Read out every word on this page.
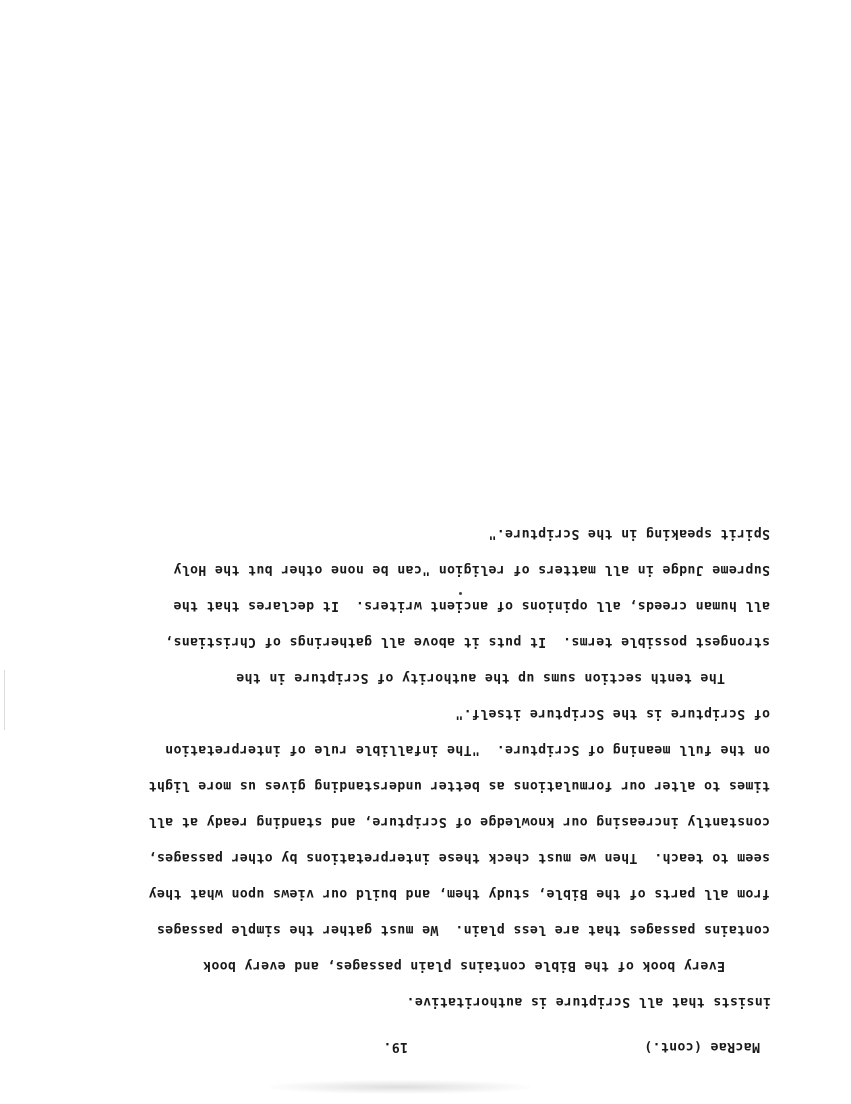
MacRae (cont.)
19.
insists that all Scripture is authoritative.
Every book of the Bible contains plain passages, and every book
contains passages that are less plain.  We must gather the simple passages
from all parts of the Bible, study them, and build our views upon what they
seem to teach.  Then we must check these interpretations by other passages,
constantly increasing our knowledge of Scripture, and standing ready at all
times to alter our formulations as better understanding gives us more light
on the full meaning of Scripture.  "The infallible rule of interpretation
of Scripture is the Scripture itself."
The tenth section sums up the authority of Scripture in the
strongest possible terms.  It puts it above all gatherings of Christians,
all human creeds, all opinions of ancient writers.  It declares that the
Supreme Judge in all matters of religion "can be none other but the Holy
Spirit speaking in the Scripture."
